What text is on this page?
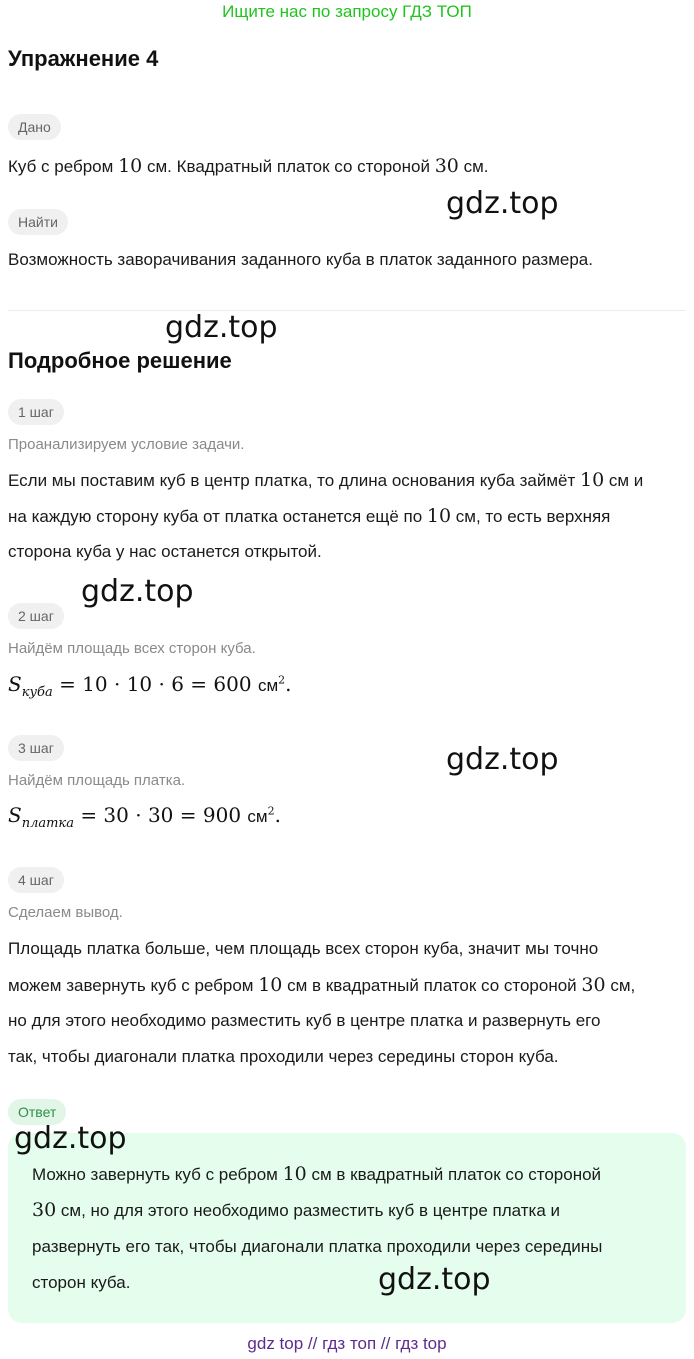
Ищите нас по запросу ГДЗ ТОП
Упражнение 4
Дано
Куб с ребром 10 см. Квадратный платок со стороной 30 см.
gdz.top
Найти
Возможность заворачивания заданного куба в платок заданного размера.
gdz.top
Подробное решение
1 шаг
Проанализируем условие задачи.
Если мы поставим куб в центр платка, то длина основания куба займёт 10 см и
на каждую сторону куба от платка останется ещё по 10 см, то есть верхняя
сторона куба у нас останется открытой.
gdz.top
2 шаг
Найдём площадь всех сторон куба.
$S_{куба} = 10 \cdot 10 \cdot 6 = 600$ $см^2$.
3 шаг	gdz.top
Найдём площадь платка.
$S_{платка} = 30 \cdot 30 = 900$ $см^2$.
4 шаг
Сделаем вывод.
Площадь платка больше, чем площадь всех сторон куба, значит мы точно
можем завернуть куб с ребром 10 см в квадратный платок со стороной 30 см,
но для этого необходимо разместить куб в центре платка и развернуть его
так, чтобы диагонали платка проходили через середины сторон куба.
Ответ
gdz.top
Можно завернуть куб с ребром 10 см в квадратный платок со стороной
30 см, но для этого необходимо разместить куб в центре платка и
развернуть его так, чтобы диагонали платка проходили через середины
сторон куба.	gdz.top
gdz top // гдз топ // гдз top
